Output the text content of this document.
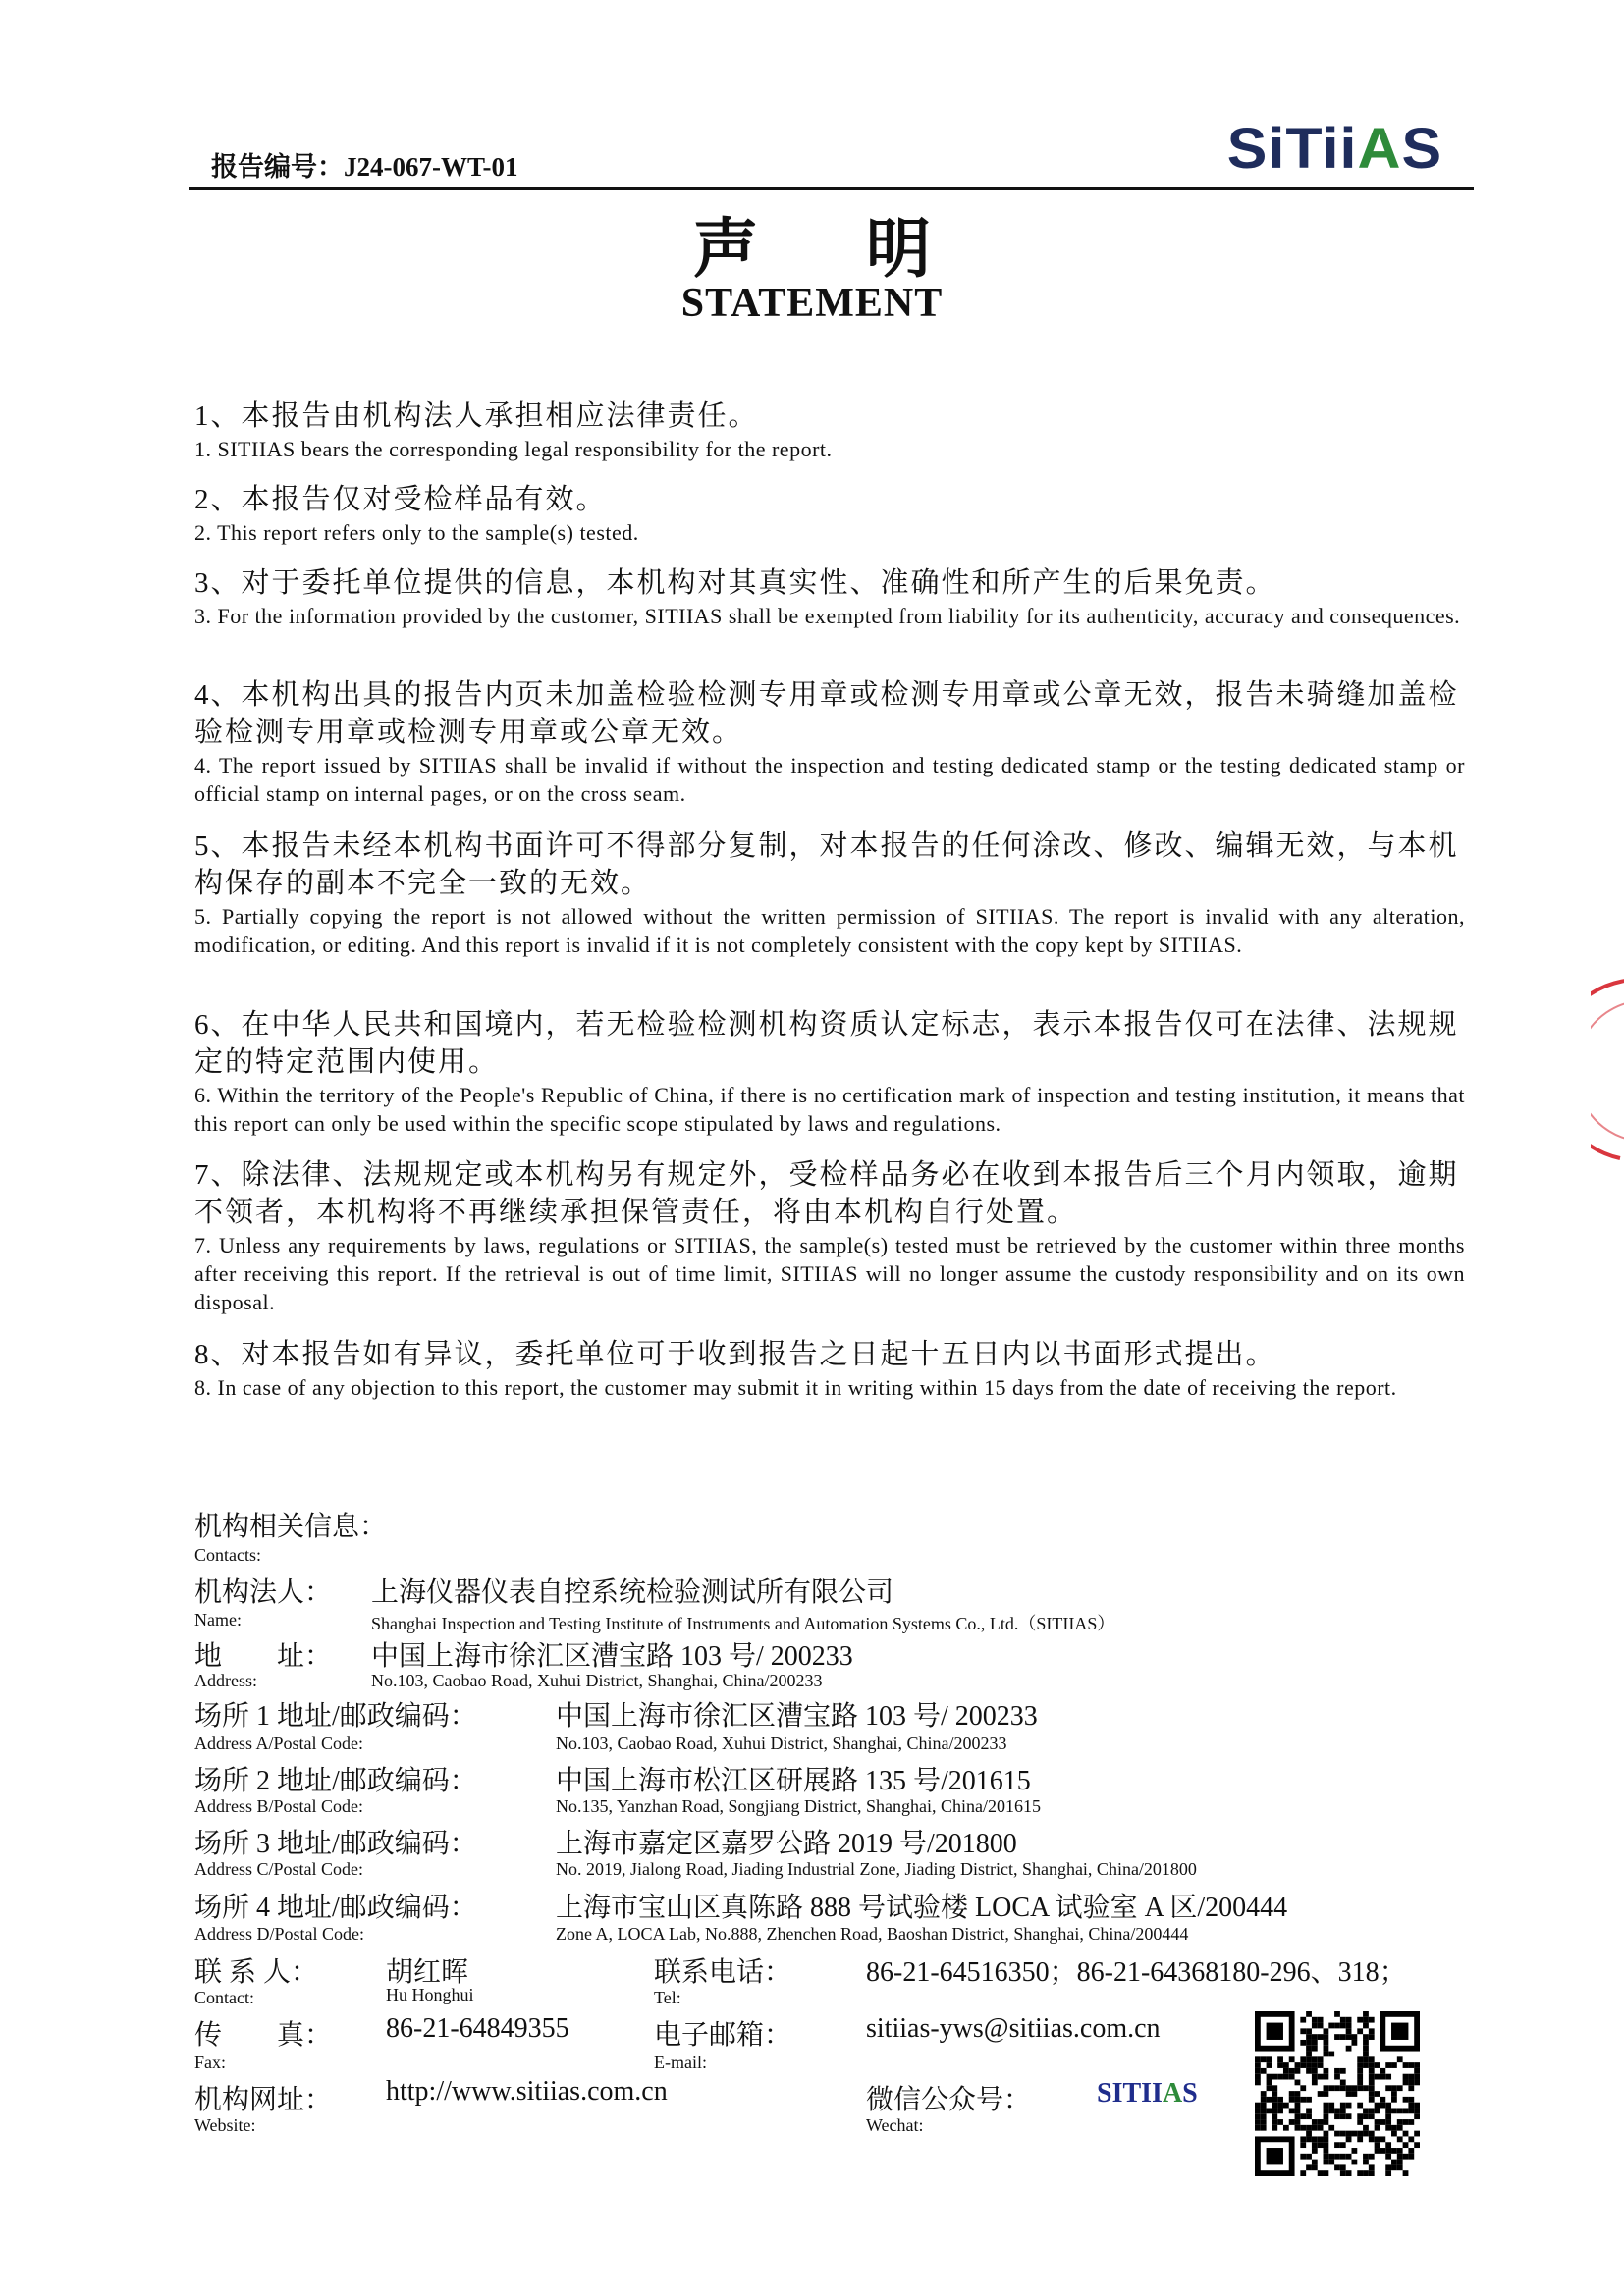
报告编号：J24-067-WT-01	SiTiiAS
声明
STATEMENT
1、本报告由机构法人承担相应法律责任。
1. SITIIAS bears the corresponding legal responsibility for the report.
2、本报告仅对受检样品有效。
2. This report refers only to the sample(s) tested.
3、对于委托单位提供的信息，本机构对其真实性、准确性和所产生的后果免责。
3. For the information provided by the customer, SITIIAS shall be exempted from liability for its authenticity, accuracy and consequences.
4、本机构出具的报告内页未加盖检验检测专用章或检测专用章或公章无效，报告未骑缝加盖检验检测专用章或检测专用章或公章无效。
4. The report issued by SITIIAS shall be invalid if without the inspection and testing dedicated stamp or the testing dedicated stamp or official stamp on internal pages, or on the cross seam.
5、本报告未经本机构书面许可不得部分复制，对本报告的任何涂改、修改、编辑无效，与本机构保存的副本不完全一致的无效。
5. Partially copying the report is not allowed without the written permission of SITIIAS. The report is invalid with any alteration, modification, or editing. And this report is invalid if it is not completely consistent with the copy kept by SITIIAS.
6、在中华人民共和国境内，若无检验检测机构资质认定标志，表示本报告仅可在法律、法规规定的特定范围内使用。
6. Within the territory of the People's Republic of China, if there is no certification mark of inspection and testing institution, it means that this report can only be used within the specific scope stipulated by laws and regulations.
7、除法律、法规规定或本机构另有规定外，受检样品务必在收到本报告后三个月内领取，逾期不领者，本机构将不再继续承担保管责任，将由本机构自行处置。
7. Unless any requirements by laws, regulations or SITIIAS, the sample(s) tested must be retrieved by the customer within three months after receiving this report. If the retrieval is out of time limit, SITIIAS will no longer assume the custody responsibility and on its own disposal.
8、对本报告如有异议，委托单位可于收到报告之日起十五日内以书面形式提出。
8. In case of any objection to this report, the customer may submit it in writing within 15 days from the date of receiving the report.
机构相关信息：
Contacts:
机构法人： 上海仪器仪表自控系统检验测试所有限公司
Name:	Shanghai Inspection and Testing Institute of Instruments and Automation Systems Co., Ltd.（SITIIAS）
地　　址： 中国上海市徐汇区漕宝路 103 号/ 200233
Address:	No.103, Caobao Road, Xuhui District, Shanghai, China/200233
场所 1 地址/邮政编码：	中国上海市徐汇区漕宝路 103 号/ 200233
Address A/Postal Code:	No.103, Caobao Road, Xuhui District, Shanghai, China/200233
场所 2 地址/邮政编码：	中国上海市松江区研展路 135 号/201615
Address B/Postal Code:	No.135, Yanzhan Road, Songjiang District, Shanghai, China/201615
场所 3 地址/邮政编码：	上海市嘉定区嘉罗公路 2019 号/201800
Address C/Postal Code:	No. 2019, Jialong Road, Jiading Industrial Zone, Jiading District, Shanghai, China/201800
场所 4 地址/邮政编码：	上海市宝山区真陈路 888 号试验楼 LOCA 试验室 A 区/200444
Address D/Postal Code:	Zone A, LOCA Lab, No.888, Zhenchen Road, Baoshan District, Shanghai, China/200444
联 系 人： 胡红晖	联系电话：	86-21-64516350；86-21-64368180-296、318；
Contact:	Hu Honghui	Tel:
传　　真： 86-21-64849355	电子邮箱：	sitiias-yws@sitiias.com.cn
Fax:	E-mail:
机构网址： http://www.sitiias.com.cn	微信公众号： SITIIAS
Website:	Wechat:
